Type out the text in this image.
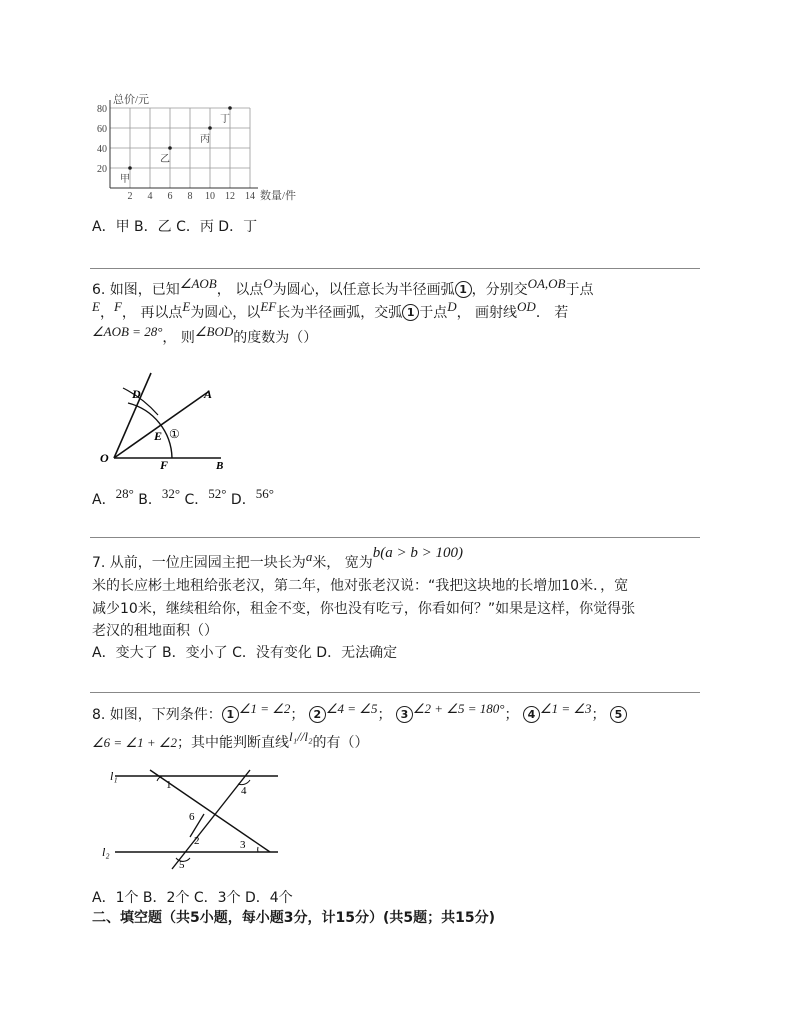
2 4 6 8 10 12 14
20
40
60
80
甲
乙
丙
丁
总价/元
数量/件
A．甲 B．乙 C．丙 D．丁
6. 如图，已知∠AOB， 以点O为圆心，以任意长为半径画弧 1 ，分别交OA,OB于点
E，F， 再以点E为圆心，以EF长为半径画弧，交弧 1 于点D， 画射线OD． 若
∠AOB = 28°， 则∠BOD的度数为（）
D	A
E ①
O	F	B
A．28° B．32° C．52° D．56°
7. 从前，一位庄园园主把一块长为a米， 宽为b(a > b > 100)
米的长应彬土地租给张老汉，第二年，他对张老汉说：“我把这块地的长增加10米．，宽
减少10米，继续租给你，租金不变，你也没有吃亏，你看如何？”如果是这样，你觉得张
老汉的租地面积（）
A．变大了 B．变小了 C．没有变化 D．无法确定
8. 如图，下列条件： 1 ∠1 = ∠2； 2 ∠4 = ∠5； 3 ∠2 + ∠5 = 180°； 4 ∠1 = ∠3； 5
∠6 = ∠1 + ∠2；其中能判断直线l₁//l₂的有（）
l₁
l₂
1	4
6
2	3
5
A．1个 B．2个 C．3个 D．4个
二、填空题（共5小题，每小题3分，计15分）(共5题；共15分)
